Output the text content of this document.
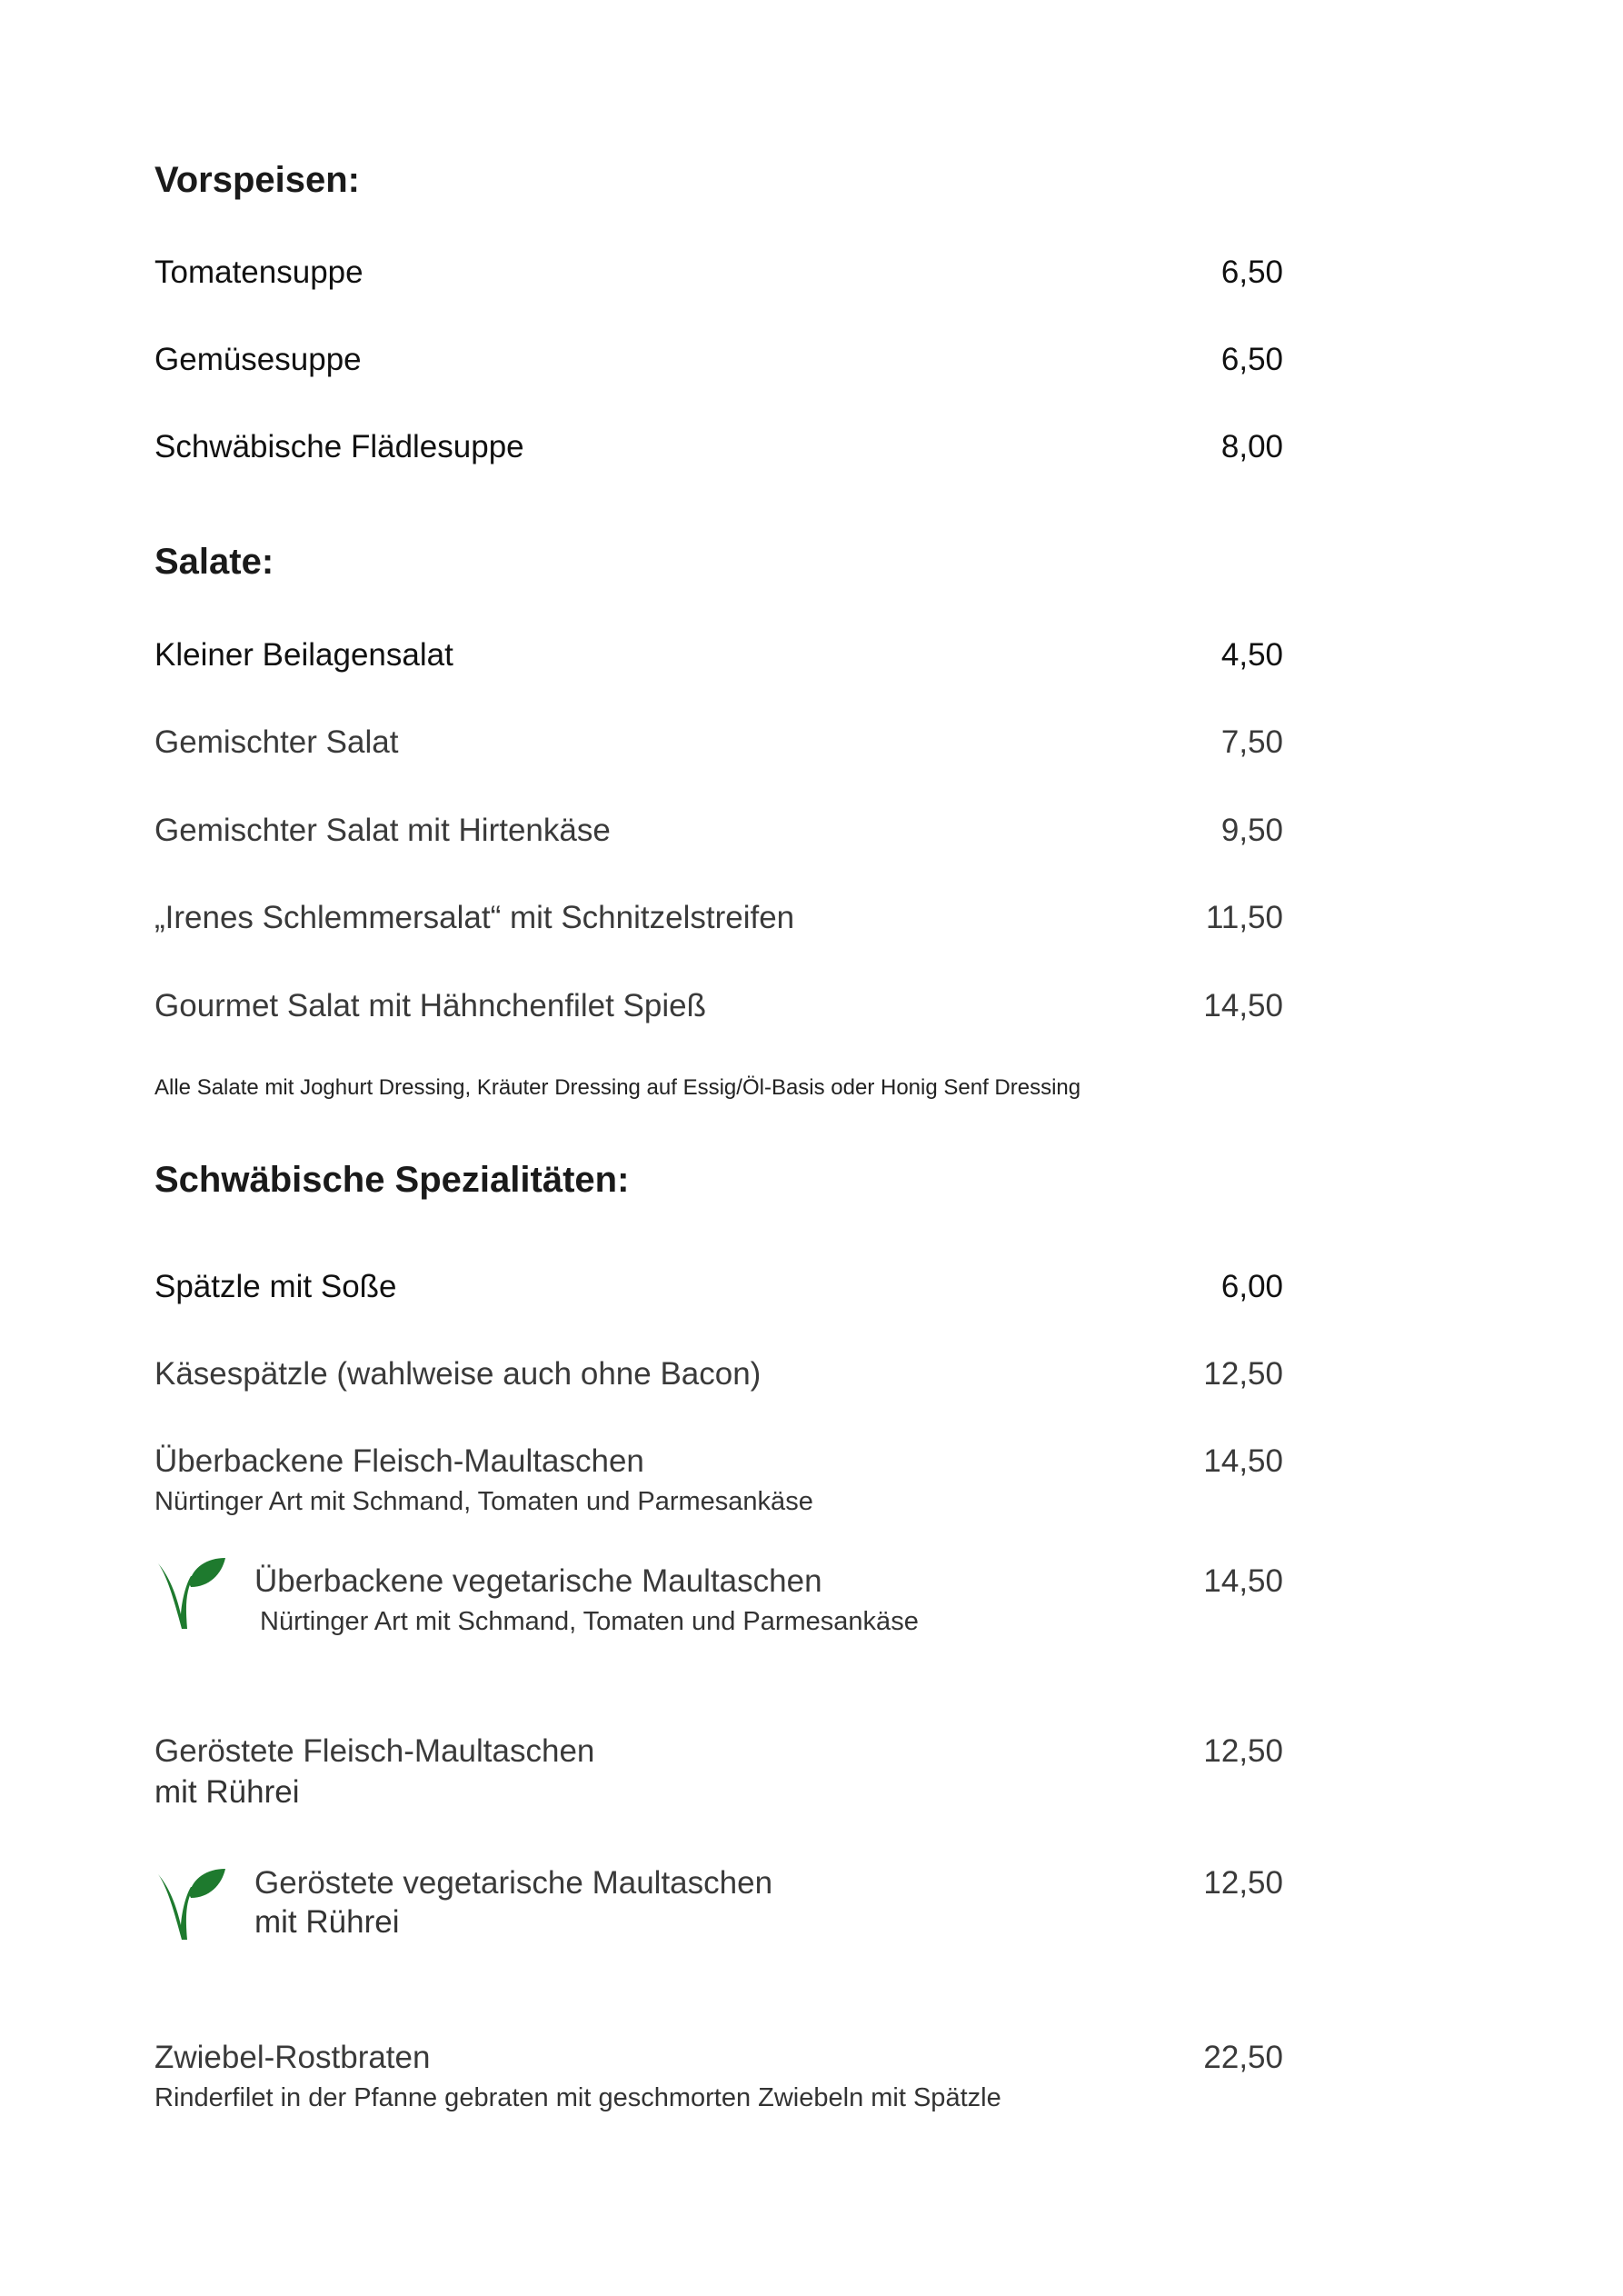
Vorspeisen:
Tomatensuppe	6,50
Gemüsesuppe	6,50
Schwäbische Flädlesuppe	8,00
Salate:
Kleiner Beilagensalat	4,50
Gemischter Salat	7,50
Gemischter Salat mit Hirtenkäse	9,50
„Irenes Schlemmersalat“ mit Schnitzelstreifen	11,50
Gourmet Salat mit Hähnchenfilet Spieß	14,50
Alle Salate mit Joghurt Dressing, Kräuter Dressing auf Essig/Öl-Basis oder Honig Senf Dressing
Schwäbische Spezialitäten:
Spätzle mit Soße	6,00
Käsespätzle (wahlweise auch ohne Bacon)	12,50
Überbackene Fleisch-Maultaschen	14,50
Nürtinger Art mit Schmand, Tomaten und Parmesankäse
Überbackene vegetarische Maultaschen	14,50
Nürtinger Art mit Schmand, Tomaten und Parmesankäse
Geröstete Fleisch-Maultaschen	12,50
mit Rührei
Geröstete vegetarische Maultaschen	12,50
mit Rührei
Zwiebel-Rostbraten	22,50
Rinderfilet in der Pfanne gebraten mit geschmorten Zwiebeln mit Spätzle
